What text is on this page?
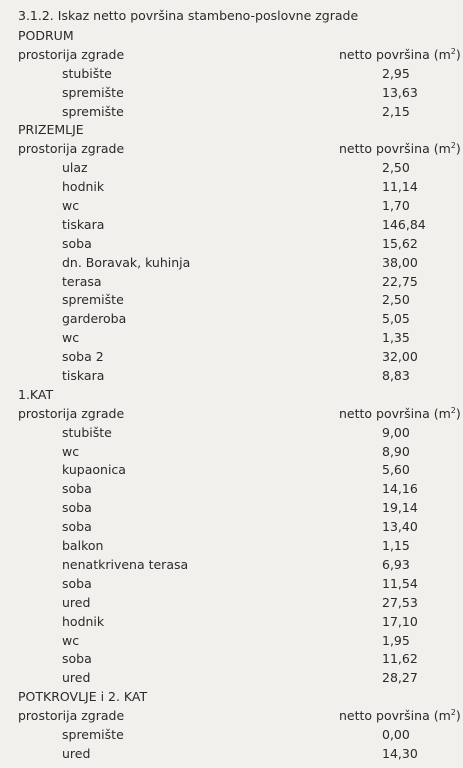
3.1.2. Iskaz netto površina stambeno-poslovne zgrade
PODRUM
prostorija zgrade	netto površina $(m^2)$
stubište	2,95
spremište	13,63
spremište	2,15
PRIZEMLJE
prostorija zgrade	netto površina $(m^2)$
ulaz	2,50
hodnik	11,14
wc	1,70
tiskara	146,84
soba	15,62
dn. Boravak, kuhinja	38,00
terasa	22,75
spremište	2,50
garderoba	5,05
wc	1,35
soba 2	32,00
tiskara	8,83
1.KAT
prostorija zgrade	netto površina $(m^2)$
stubište	9,00
wc	8,90
kupaonica	5,60
soba	14,16
soba	19,14
soba	13,40
balkon	1,15
nenatkrivena terasa	6,93
soba	11,54
ured	27,53
hodnik	17,10
wc	1,95
soba	11,62
ured	28,27
POTKROVLJE i 2. KAT
prostorija zgrade	netto površina $(m^2)$
spremište	0,00
ured	14,30
